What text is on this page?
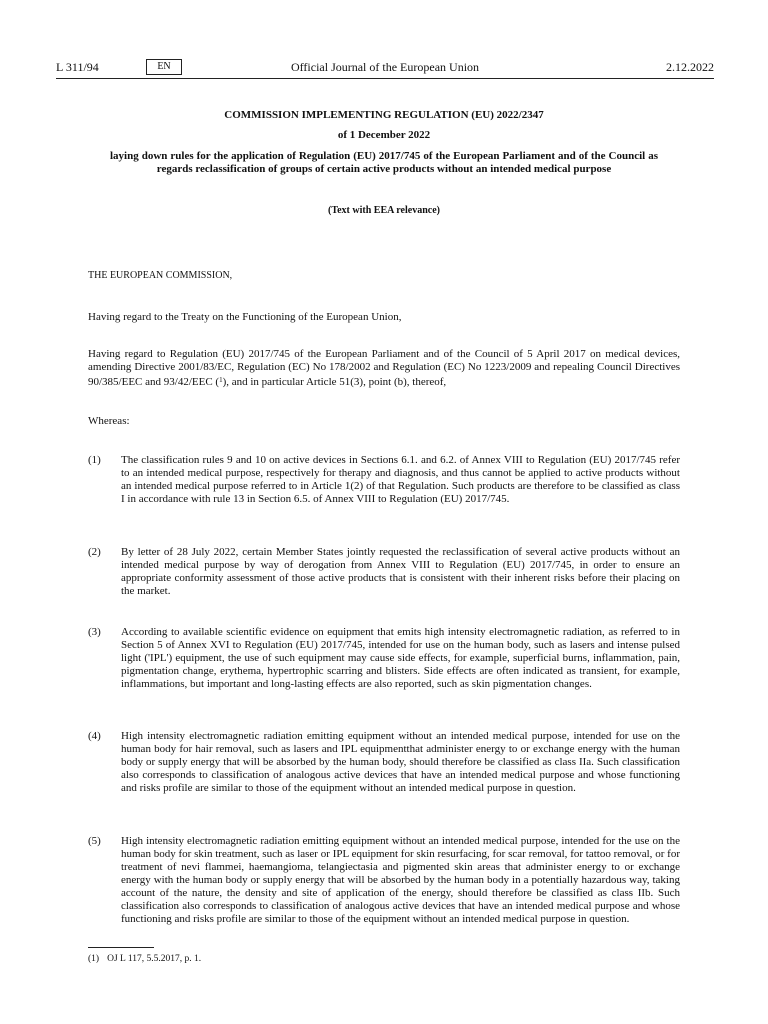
L 311/94	EN	Official Journal of the European Union	2.12.2022
COMMISSION IMPLEMENTING REGULATION (EU) 2022/2347
of 1 December 2022
laying down rules for the application of Regulation (EU) 2017/745 of the European Parliament and of the Council as regards reclassification of groups of certain active products without an intended medical purpose
(Text with EEA relevance)
THE EUROPEAN COMMISSION,
Having regard to the Treaty on the Functioning of the European Union,
Having regard to Regulation (EU) 2017/745 of the European Parliament and of the Council of 5 April 2017 on medical devices, amending Directive 2001/83/EC, Regulation (EC) No 178/2002 and Regulation (EC) No 1223/2009 and repealing Council Directives 90/385/EEC and 93/42/EEC ($^1$), and in particular Article 51(3), point (b), thereof,
Whereas:
(1) The classification rules 9 and 10 on active devices in Sections 6.1. and 6.2. of Annex VIII to Regulation (EU) 2017/745 refer to an intended medical purpose, respectively for therapy and diagnosis, and thus cannot be applied to active products without an intended medical purpose referred to in Article 1(2) of that Regulation. Such products are therefore to be classified as class I in accordance with rule 13 in Section 6.5. of Annex VIII to Regulation (EU) 2017/745.
(2) By letter of 28 July 2022, certain Member States jointly requested the reclassification of several active products without an intended medical purpose by way of derogation from Annex VIII to Regulation (EU) 2017/745, in order to ensure an appropriate conformity assessment of those active products that is consistent with their inherent risks before their placing on the market.
(3) According to available scientific evidence on equipment that emits high intensity electromagnetic radiation, as referred to in Section 5 of Annex XVI to Regulation (EU) 2017/745, intended for use on the human body, such as lasers and intense pulsed light ('IPL') equipment, the use of such equipment may cause side effects, for example, superficial burns, inflammation, pain, pigmentation change, erythema, hypertrophic scarring and blisters. Side effects are often indicated as transient, for example, inflammations, but important and long-lasting effects are also reported, such as skin pigmentation changes.
(4) High intensity electromagnetic radiation emitting equipment without an intended medical purpose, intended for use on the human body for hair removal, such as lasers and IPL equipmentthat administer energy to or exchange energy with the human body or supply energy that will be absorbed by the human body, should therefore be classified as class IIa. Such classification also corresponds to classification of analogous active devices that have an intended medical purpose and whose functioning and risks profile are similar to those of the equipment without an intended medical purpose in question.
(5) High intensity electromagnetic radiation emitting equipment without an intended medical purpose, intended for the use on the human body for skin treatment, such as laser or IPL equipment for skin resurfacing, for scar removal, for tattoo removal, or for treatment of nevi flammei, haemangioma, telangiectasia and pigmented skin areas that administer energy to or exchange energy with the human body or supply energy that will be absorbed by the human body in a potentially hazardous way, taking account of the nature, the density and site of application of the energy, should therefore be classified as class IIb. Such classification also corresponds to classification of analogous active devices that have an intended medical purpose and whose functioning and risks profile are similar to those of the equipment without an intended medical purpose in question.
(1) OJ L 117, 5.5.2017, p. 1.
